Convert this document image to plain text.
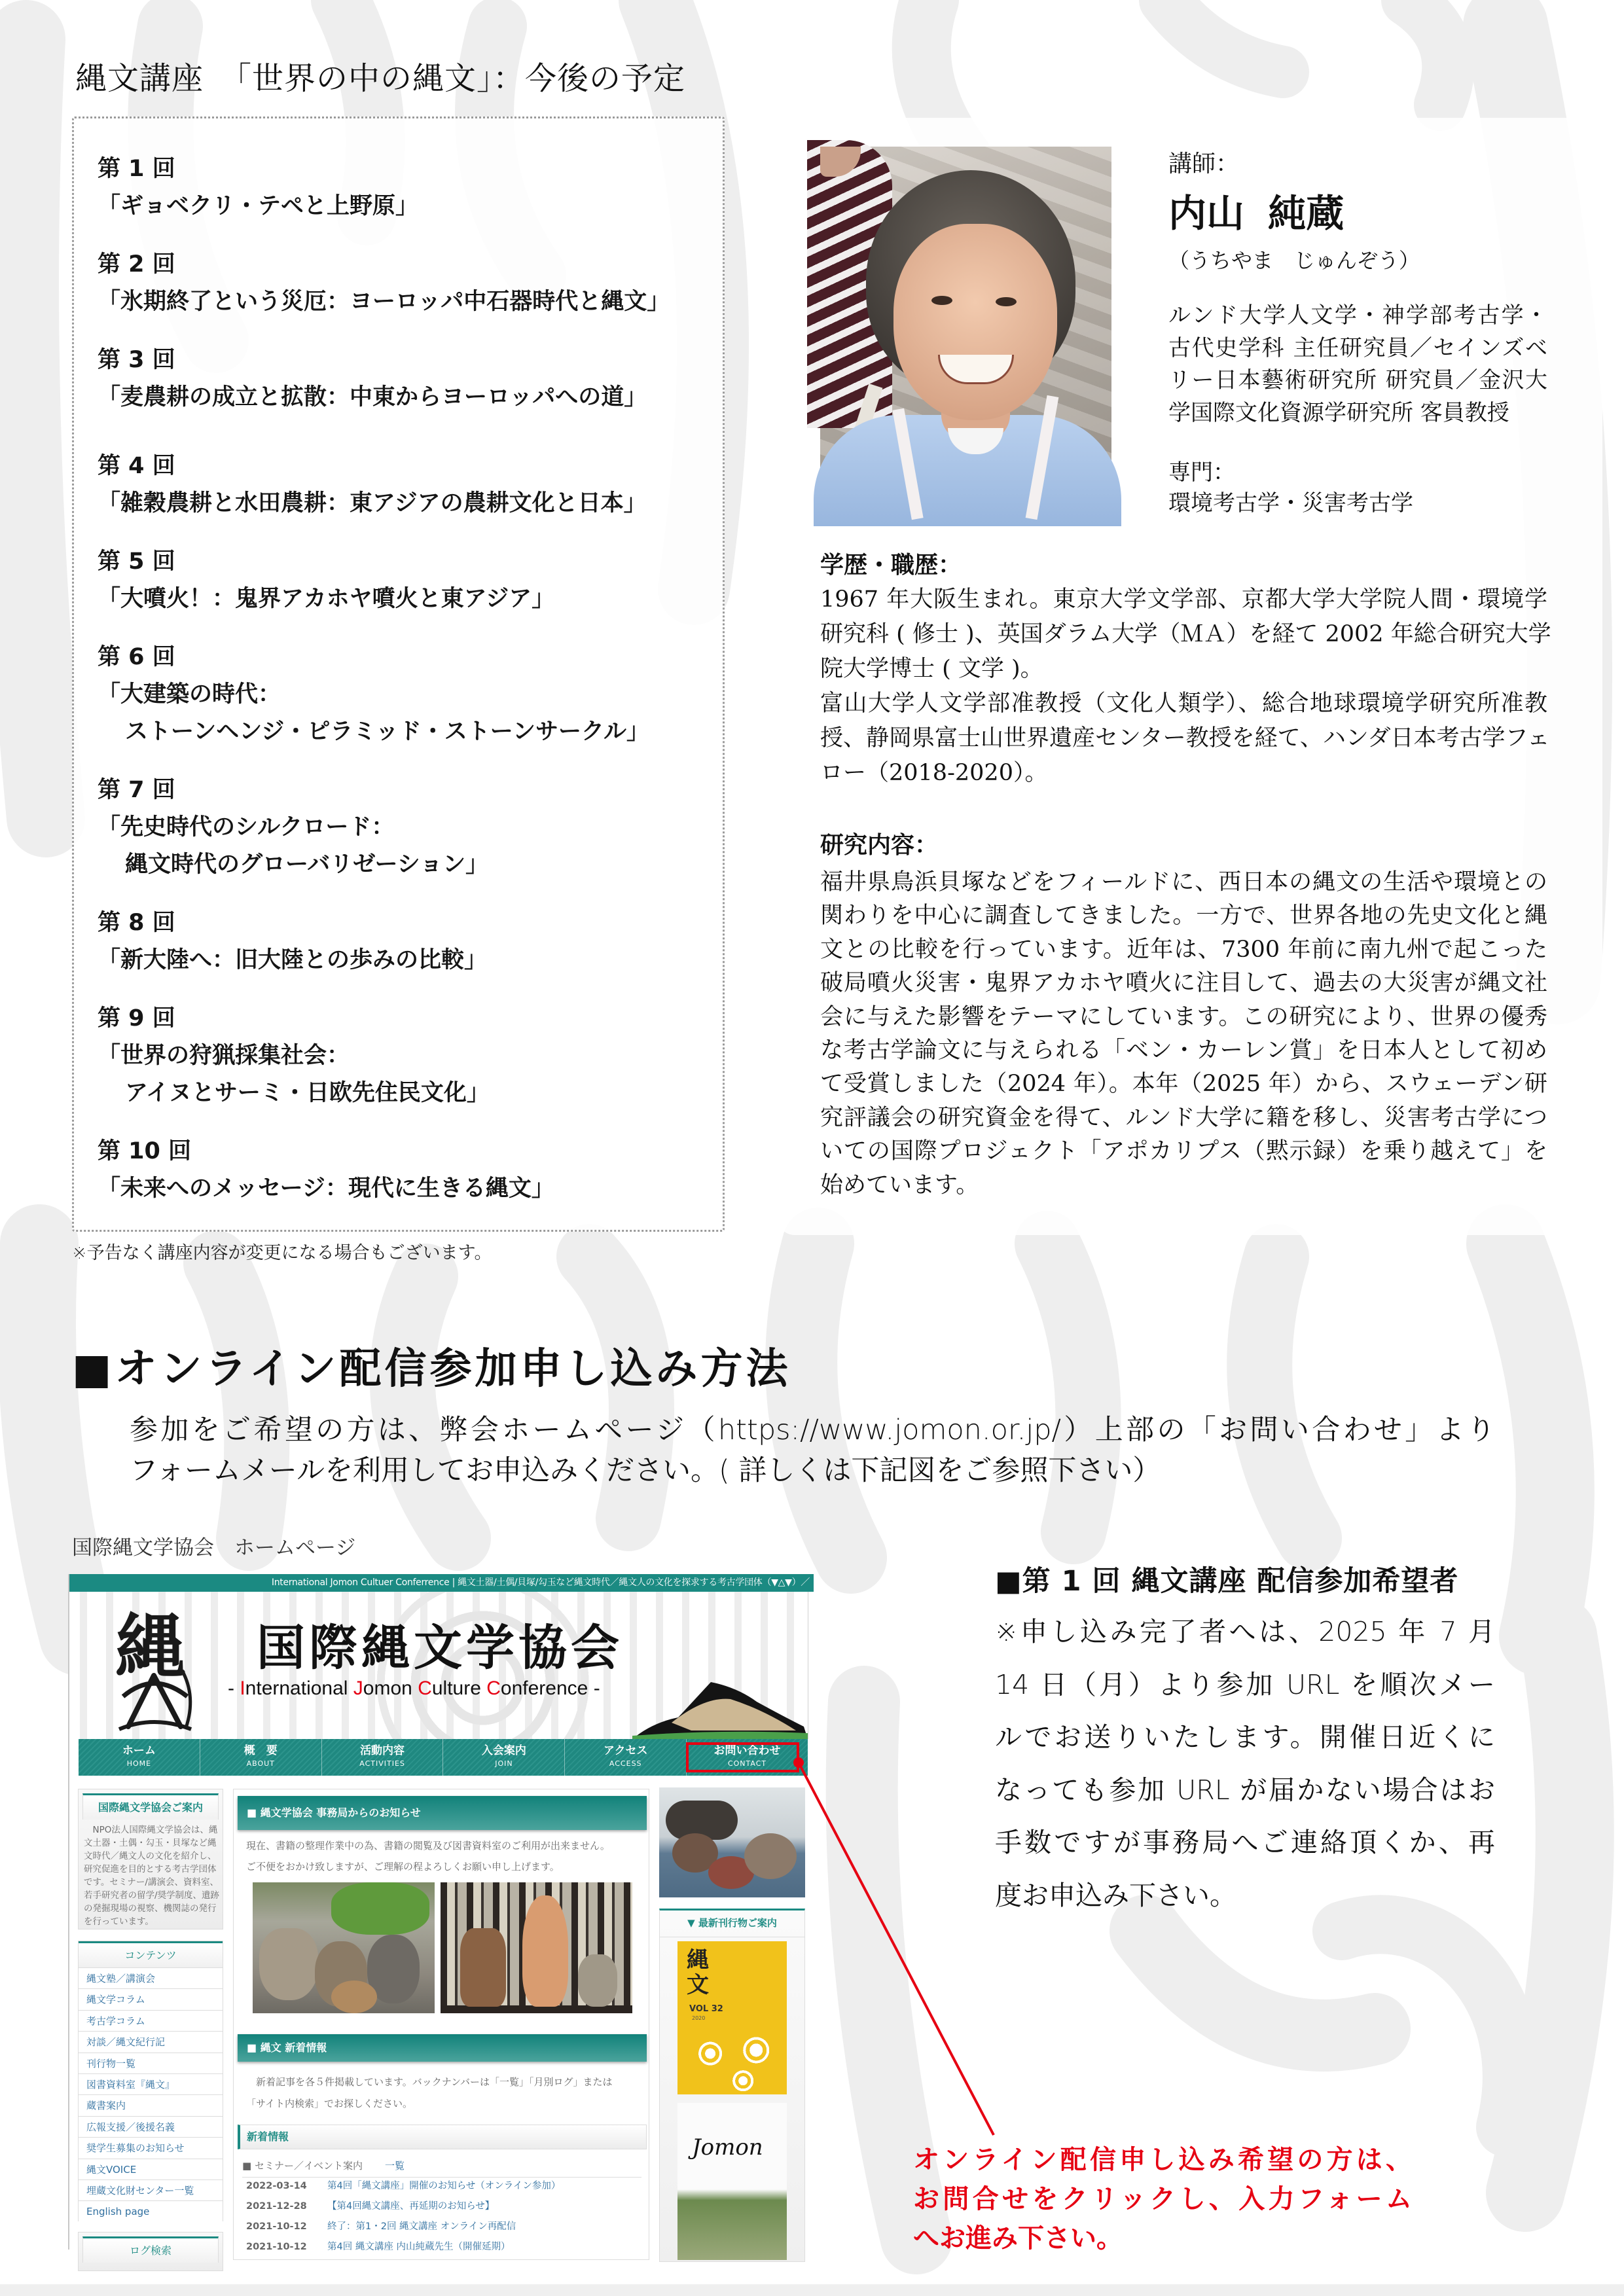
縄文講座　「世界の中の縄文」：今後の予定
第 1 回
「ギョベクリ・テペと上野原」
第 2 回
「氷期終了という災厄：ヨーロッパ中石器時代と縄文」
第 3 回
「麦農耕の成立と拡散：中東からヨーロッパへの道」
第 4 回
「雑穀農耕と水田農耕：東アジアの農耕文化と日本」
第 5 回
「大噴火！：鬼界アカホヤ噴火と東アジア」
第 6 回
「大建築の時代：
ストーンヘンジ・ピラミッド・ストーンサークル」
第 7 回
「先史時代のシルクロード：
縄文時代のグローバリゼーション」
第 8 回
「新大陸へ：旧大陸との歩みの比較」
第 9 回
「世界の狩猟採集社会：
アイヌとサーミ・日欧先住民文化」
第 10 回
「未来へのメッセージ：現代に生きる縄文」
※予告なく講座内容が変更になる場合もございます。
講師：
内山 純蔵
（うちやま　じゅんぞう）
ルンド大学人文学・神学部考古学・
古代史学科 主任研究員／セインズベ
リー日本藝術研究所 研究員／金沢大
学国際文化資源学研究所 客員教授
専門：
環境考古学・災害考古学
学歴・職歴：
1967 年大阪生まれ。東京大学文学部、京都大学大学院人間・環境学
研究科 ( 修士 )、英国ダラム大学（ＭＡ）を経て 2002 年総合研究大学
院大学博士 ( 文学 )。
富山大学人文学部准教授（文化人類学）、総合地球環境学研究所准教
授、静岡県富士山世界遺産センター教授を経て、ハンダ日本考古学フェ
ロー（2018-2020）。
研究内容：
福井県鳥浜貝塚などをフィールドに、西日本の縄文の生活や環境との
関わりを中心に調査してきました。一方で、世界各地の先史文化と縄
文との比較を行っています。近年は、7300 年前に南九州で起こった
破局噴火災害・鬼界アカホヤ噴火に注目して、過去の大災害が縄文社
会に与えた影響をテーマにしています。この研究により、世界の優秀
な考古学論文に与えられる「ベン・カーレン賞」を日本人として初め
て受賞しました（2024 年）。本年（2025 年）から、スウェーデン研
究評議会の研究資金を得て、ルンド大学に籍を移し、災害考古学につ
いての国際プロジェクト「アポカリプス（黙示録）を乗り越えて」を
始めています。
■オンライン配信参加申し込み方法
参加をご希望の方は、弊会ホームページ（https://www.jomon.or.jp/）上部の「お問い合わせ」より
フォームメールを利用してお申込みください。( 詳しくは下記図をご参照下さい）
国際縄文学協会　ホームページ
International Jomon Cultuer Conferrence | 縄文土器/土偶/貝塚/勾玉など縄文時代／縄文人の文化を探求する考古学団体（▼△▼）／
縄 国際縄文学協会
- International Jomon Culture Conference -
ホーム
HOME
概　要
ABOUT
活動内容
ACTIVITIES
入会案内
JOIN
アクセス
ACCESS
お問い合わせ
CONTACT
国際縄文学協会ご案内
　NPO法人国際縄文学協会は、縄
文土器・土偶・勾玉・貝塚など縄
文時代／縄文人の文化を紹介し、
研究促進を目的とする考古学団体
です。セミナー/講演会、資料室、
若手研究者の留学/奨学制度、遺跡
の発掘現場の視察、機関誌の発行
を行っています。
コンテンツ
縄文塾／講演会
縄文学コラム
考古学コラム
対談／縄文紀行記
刊行物一覧
図書資料室『縄文』
蔵書案内
広報支援／後援名義
奨学生募集のお知らせ
縄文VOICE
埋蔵文化財センター一覧
English page
ログ検索
■ 縄文学協会 事務局からのお知らせ
現在、書籍の整理作業中の為、書籍の閲覧及び図書資料室のご利用が出来ません。
ご不便をおかけ致しますが、ご理解の程よろしくお願い申し上げます。
■ 縄文 新着情報
　新着記事を各５件掲載しています。バックナンバーは「一覧」「月別ログ」または
「サイト内検索」でお探しください。
新着情報
■ セミナー／イベント案内 一覧
2022-03-14 第4回「縄文講座」開催のお知らせ（オンライン参加）
2021-12-28 【第4回縄文講座、再延期のお知らせ】
2021-10-12 終了：第1・2回 縄文講座 オンライン再配信
2021-10-12 第4回 縄文講座 内山純蔵先生（開催延期）
▼ 最新刊行物ご案内
縄文
VOL 32
2020
Jomon
■第 1 回 縄文講座 配信参加希望者
※申し込み完了者へは、2025 年 7 月
14 日（月）より参加 URL を順次メー
ルでお送りいたします。開催日近くに
なっても参加 URL が届かない場合はお
手数ですが事務局へご連絡頂くか、再
度お申込み下さい。
オンライン配信申し込み希望の方は、
お問合せをクリックし、入力フォーム
へお進み下さい。
